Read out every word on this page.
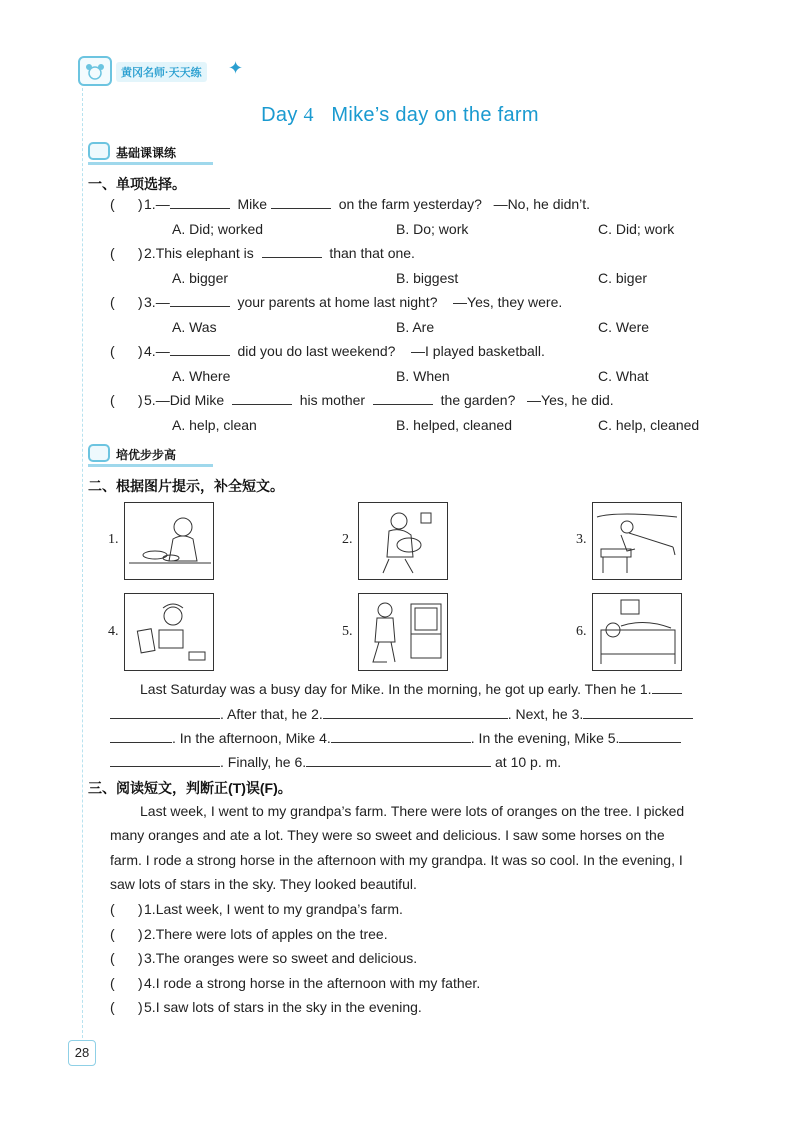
黄冈名师·天天练 ✦
Day 4 Mike’s day on the farm
基础课课练
一、单项选择。
( )1.—	Mike	on the farm yesterday? —No, he didn’t.
A. Did; worked	B. Do; work	C. Did; work
( )2.This elephant is	than that one.
A. bigger	B. biggest	C. biger
( )3.—	your parents at home last night? —Yes, they were.
A. Was	B. Are	C. Were
( )4.—	did you do last weekend? —I played basketball.
A. Where	B. When	C. What
( )5.—Did Mike	his mother	the garden? —Yes, he did.
A. help, clean	B. helped, cleaned	C. help, cleaned
培优步步高
二、根据图片提示，补全短文。
1.	2.	3.
4.	5.	6.
Last Saturday was a busy day for Mike. In the morning, he got up early. Then he 1.
. After that, he 2.	. Next, he 3.
. In the afternoon, Mike 4.	. In the evening, Mike 5.
. Finally, he 6.	at 10 p. m.
三、阅读短文，判断正(T)误(F)。
Last week, I went to my grandpa’s farm. There were lots of oranges on the tree. I picked
many oranges and ate a lot. They were so sweet and delicious. I saw some horses on the
farm. I rode a strong horse in the afternoon with my grandpa. It was so cool. In the evening, I
saw lots of stars in the sky. They looked beautiful.
( )1.Last week, I went to my grandpa’s farm.
( )2.There were lots of apples on the tree.
( )3.The oranges were so sweet and delicious.
( )4.I rode a strong horse in the afternoon with my father.
( )5.I saw lots of stars in the sky in the evening.
28
